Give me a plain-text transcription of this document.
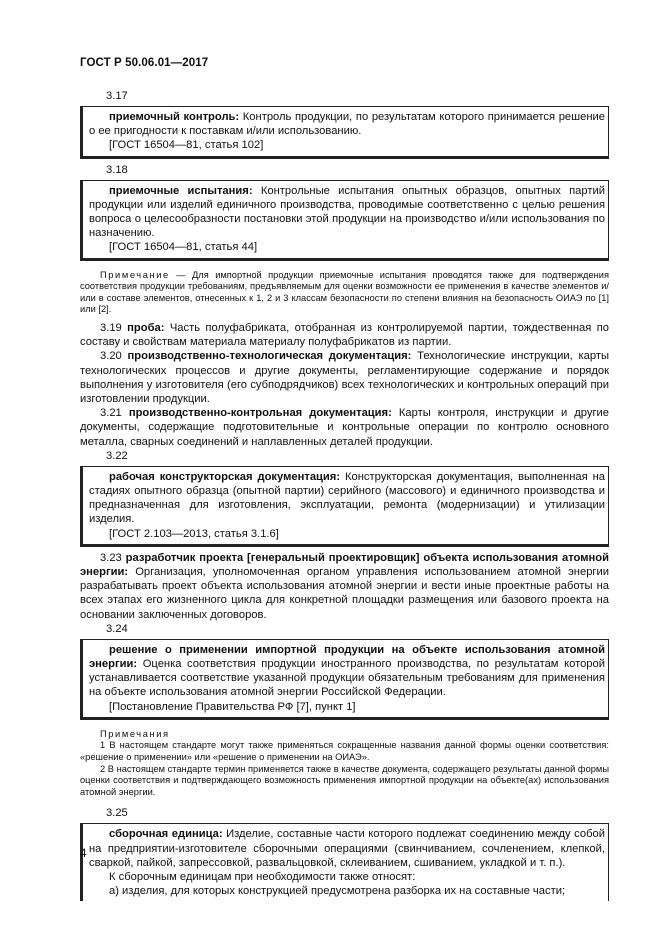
ГОСТ Р 50.06.01—2017

3.17

приемочный контроль: Контроль продукции, по результатам которого принимается решение о ее пригодности к поставкам и/или использованию.

[ГОСТ 16504—81, статья 102]

3.18

приемочные испытания: Контрольные испытания опытных образцов, опытных партий продукции или изделий единичного производства, проводимые соответственно с целью решения вопроса о целесообразности постановки этой продукции на производство и/или использования по назначению.

[ГОСТ 16504—81, статья 44]

Примечание — Для импортной продукции приемочные испытания проводятся также для подтверждения соответствия продукции требованиям, предъявляемым для оценки возможности ее применения в качестве элементов и/или в составе элементов, отнесенных к 1, 2 и 3 классам безопасности по степени влияния на безопасность ОИАЭ по [1] или [2].

3.19 проба: Часть полуфабриката, отобранная из контролируемой партии, тождественная по составу и свойствам материала материалу полуфабрикатов из партии.

3.20 производственно-технологическая документация: Технологические инструкции, карты технологических процессов и другие документы, регламентирующие содержание и порядок выполнения у изготовителя (его субподрядчиков) всех технологических и контрольных операций при изготовлении продукции.

3.21 производственно-контрольная документация: Карты контроля, инструкции и другие документы, содержащие подготовительные и контрольные операции по контролю основного металла, сварных соединений и наплавленных деталей продукции.

3.22

рабочая конструкторская документация: Конструкторская документация, выполненная на стадиях опытного образца (опытной партии) серийного (массового) и единичного производства и предназначенная для изготовления, эксплуатации, ремонта (модернизации) и утилизации изделия.

[ГОСТ 2.103—2013, статья 3.1.6]

3.23 разработчик проекта [генеральный проектировщик] объекта использования атомной энергии: Организация, уполномоченная органом управления использованием атомной энергии разрабатывать проект объекта использования атомной энергии и вести иные проектные работы на всех этапах его жизненного цикла для конкретной площадки размещения или базового проекта на основании заключенных договоров.

3.24

решение о применении импортной продукции на объекте использования атомной энергии: Оценка соответствия продукции иностранного производства, по результатам которой устанавливается соответствие указанной продукции обязательным требованиям для применения на объекте использования атомной энергии Российской Федерации.

[Постановление Правительства РФ [7], пункт 1]

Примечания

1 В настоящем стандарте могут также применяться сокращенные названия данной формы оценки соответствия: «решение о применении» или «решение о применении на ОИАЭ».

2 В настоящем стандарте термин применяется также в качестве документа, содержащего результаты данной формы оценки соответствия и подтверждающего возможность применения импортной продукции на объекте(ах) использования атомной энергии.

3.25

сборочная единица: Изделие, составные части которого подлежат соединению между собой на предприятии-изготовителе сборочными операциями (свинчиванием, сочленением, клепкой, сваркой, пайкой, запрессовкой, развальцовкой, склеиванием, сшиванием, укладкой и т. п.).

К сборочным единицам при необходимости также относят:

а) изделия, для которых конструкцией предусмотрена разборка их на составные части;

4
